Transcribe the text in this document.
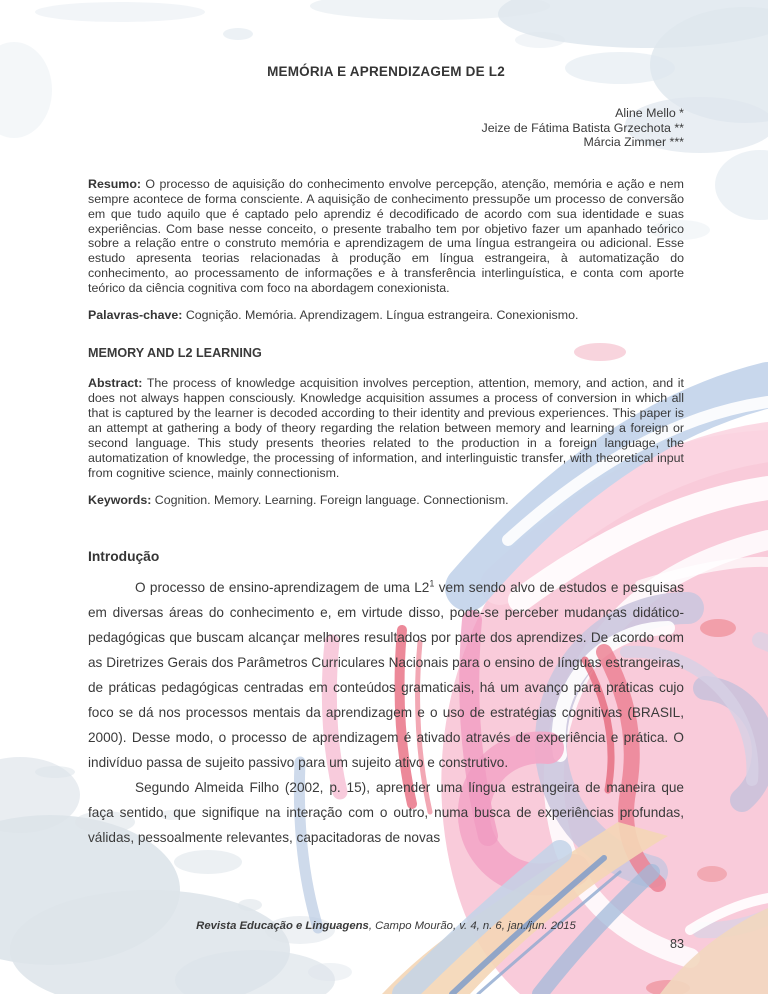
MEMÓRIA E APRENDIZAGEM DE L2
Aline Mello *
Jeize de Fátima Batista Grzechota **
Márcia Zimmer ***

Resumo: O processo de aquisição do conhecimento envolve percepção, atenção, memória e ação e nem sempre acontece de forma consciente. A aquisição de conhecimento pressupõe um processo de conversão em que tudo aquilo que é captado pelo aprendiz é decodificado de acordo com sua identidade e suas experiências. Com base nesse conceito, o presente trabalho tem por objetivo fazer um apanhado teórico sobre a relação entre o construto memória e aprendizagem de uma língua estrangeira ou adicional. Esse estudo apresenta teorias relacionadas à produção em língua estrangeira, à automatização do conhecimento, ao processamento de informações e à transferência interlinguística, e conta com aporte teórico da ciência cognitiva com foco na abordagem conexionista.

Palavras-chave: Cognição. Memória. Aprendizagem. Língua estrangeira. Conexionismo.

MEMORY AND L2 LEARNING

Abstract: The process of knowledge acquisition involves perception, attention, memory, and action, and it does not always happen consciously. Knowledge acquisition assumes a process of conversion in which all that is captured by the learner is decoded according to their identity and previous experiences. This paper is an attempt at gathering a body of theory regarding the relation between memory and learning a foreign or second language. This study presents theories related to the production in a foreign language, the automatization of knowledge, the processing of information, and interlinguistic transfer, with theoretical input from cognitive science, mainly connectionism.

Keywords: Cognition. Memory. Learning. Foreign language. Connectionism.

Introdução

O processo de ensino-aprendizagem de uma L2$^1$ vem sendo alvo de estudos e pesquisas em diversas áreas do conhecimento e, em virtude disso, pode-se perceber mudanças didático-pedagógicas que buscam alcançar melhores resultados por parte dos aprendizes. De acordo com as Diretrizes Gerais dos Parâmetros Curriculares Nacionais para o ensino de línguas estrangeiras, de práticas pedagógicas centradas em conteúdos gramaticais, há um avanço para práticas cujo foco se dá nos processos mentais da aprendizagem e o uso de estratégias cognitivas (BRASIL, 2000). Desse modo, o processo de aprendizagem é ativado através de experiência e prática. O indivíduo passa de sujeito passivo para um sujeito ativo e construtivo.

Segundo Almeida Filho (2002, p. 15), aprender uma língua estrangeira de maneira que faça sentido, que signifique na interação com o outro, numa busca de experiências profundas, válidas, pessoalmente relevantes, capacitadoras de novas

Revista Educação e Linguagens, Campo Mourão, v. 4, n. 6, jan./jun. 2015
83
